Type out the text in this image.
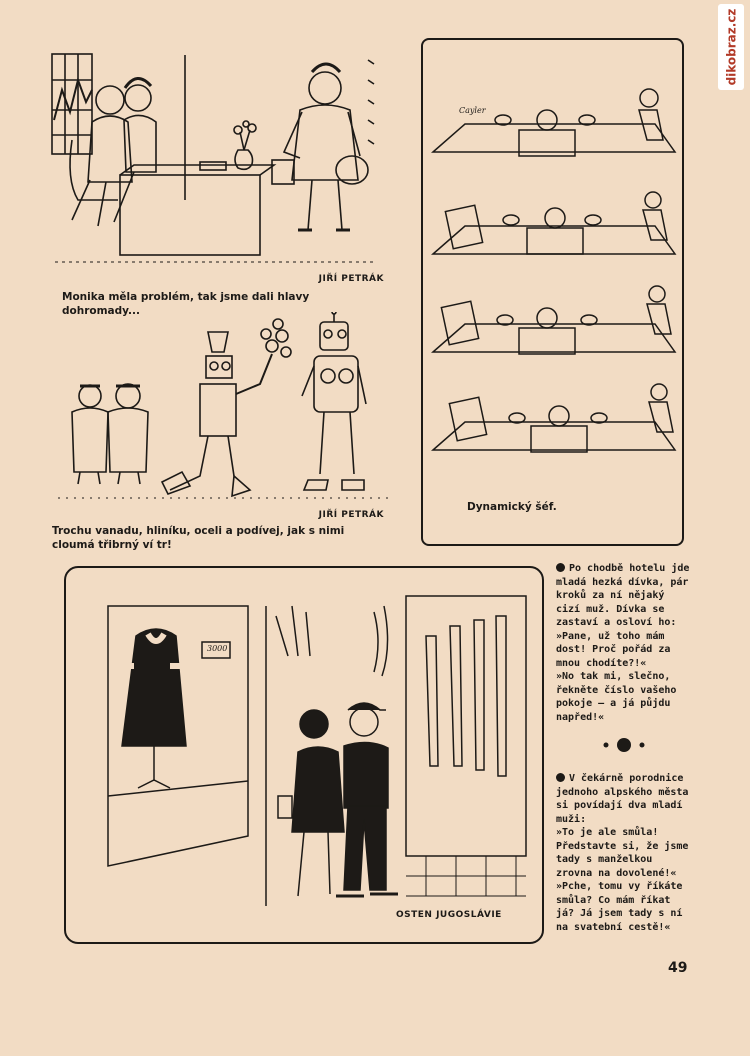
dikobraz.cz
JIŘÍ PETRÁK
Monika měla problém, tak jsme dali hlavy dohromady...
JIŘÍ PETRÁK
Trochu vanadu, hliníku, oceli a podívej, jak s nimi cloumá třibrný ví tr!
Cayler
Dynamický šéf.
3000
OSTEN JUGOSLÁVIE

Po chodbě hotelu jde mladá hezká dívka, pár kroků za ní nějaký cizí muž. Dívka se zastaví a osloví ho:
»Pane, už toho mám dost! Proč pořád za mnou chodíte?!«
»No tak mi, slečno, řekněte číslo vašeho pokoje — a já půjdu napřed!«

V čekárně porodnice jednoho alpského města si povídají dva mladí muži:
»To je ale smůla! Představte si, že jsme tady s manželkou zrovna na dovolené!«
»Pche, tomu vy říkáte smůla? Co mám říkat já? Já jsem tady s ní na svatební cestě!«

49
